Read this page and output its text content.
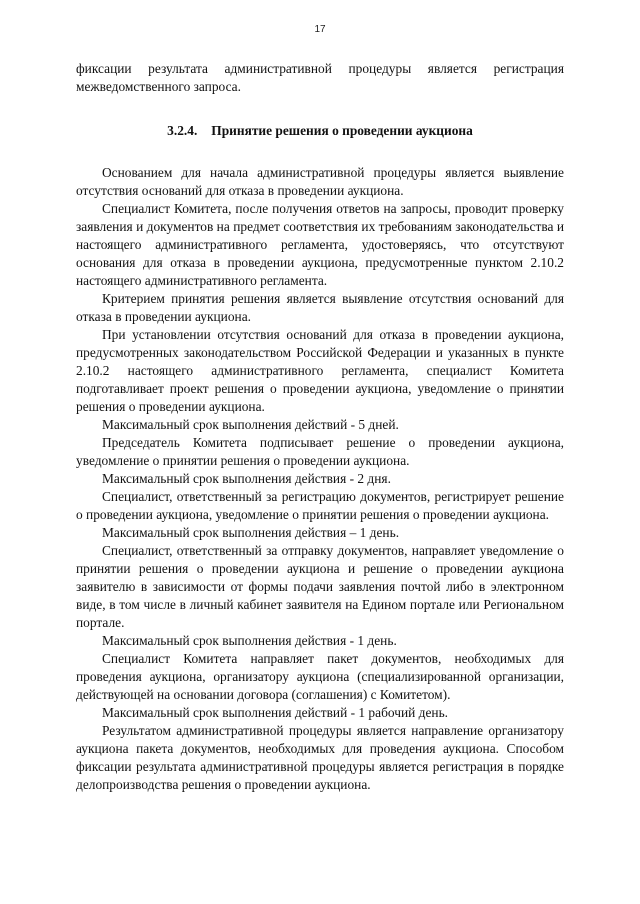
17

фиксации результата административной процедуры является регистрация межведомственного запроса.

3.2.4. Принятие решения о проведении аукциона

Основанием для начала административной процедуры является выявление отсутствия оснований для отказа в проведении аукциона.

Специалист Комитета, после получения ответов на запросы, проводит проверку заявления и документов на предмет соответствия их требованиям законодательства и настоящего административного регламента, удостоверяясь, что отсутствуют основания для отказа в проведении аукциона, предусмотренные пунктом 2.10.2 настоящего административного регламента.

Критерием принятия решения является выявление отсутствия оснований для отказа в проведении аукциона.

При установлении отсутствия оснований для отказа в проведении аукциона, предусмотренных законодательством Российской Федерации и указанных в пункте 2.10.2 настоящего административного регламента, специалист Комитета подготавливает проект решения о проведении аукциона, уведомление о принятии решения о проведении аукциона.

Максимальный срок выполнения действий - 5 дней.

Председатель Комитета подписывает решение о проведении аукциона, уведомление о принятии решения о проведении аукциона.

Максимальный срок выполнения действия - 2 дня.

Специалист, ответственный за регистрацию документов, регистрирует решение о проведении аукциона, уведомление о принятии решения о проведении аукциона.

Максимальный срок выполнения действия – 1 день.

Специалист, ответственный за отправку документов, направляет уведомление о принятии решения о проведении аукциона и решение о проведении аукциона заявителю в зависимости от формы подачи заявления почтой либо в электронном виде, в том числе в личный кабинет заявителя на Едином портале или Региональном портале.

Максимальный срок выполнения действия - 1 день.

Специалист Комитета направляет пакет документов, необходимых для проведения аукциона, организатору аукциона (специализированной организации, действующей на основании договора (соглашения) с Комитетом).

Максимальный срок выполнения действий - 1 рабочий день.

Результатом административной процедуры является направление организатору аукциона пакета документов, необходимых для проведения аукциона. Способом фиксации результата административной процедуры является регистрация в порядке делопроизводства решения о проведении аукциона.
